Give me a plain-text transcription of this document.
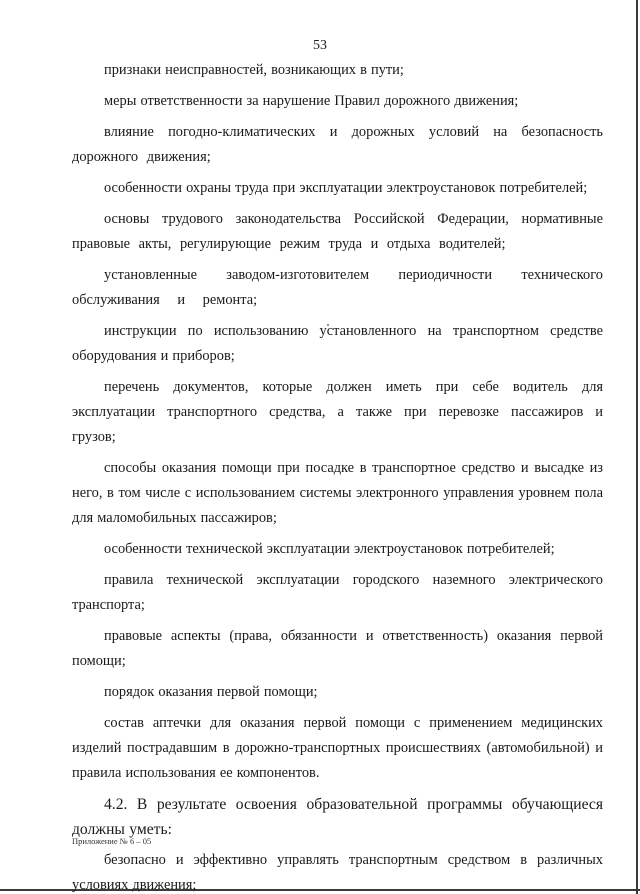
53

признаки неисправностей, возникающих в пути;

меры ответственности за нарушение Правил дорожного движения;

влияние погодно-климатических и дорожных условий на безопасность дорожного движения;

особенности охраны труда при эксплуатации электроустановок потребителей;

основы трудового законодательства Российской Федерации, нормативные правовые акты, регулирующие режим труда и отдыха водителей;

установленные заводом-изготовителем периодичности технического обслуживания и ремонта;

инструкции по использованию установленного на транспортном средстве оборудования и приборов;

перечень документов, которые должен иметь при себе водитель для эксплуатации транспортного средства, а также при перевозке пассажиров и грузов;

способы оказания помощи при посадке в транспортное средство и высадке из него, в том числе с использованием системы электронного управления уровнем пола для маломобильных пассажиров;

особенности технической эксплуатации электроустановок потребителей;

правила технической эксплуатации городского наземного электрического транспорта;

правовые аспекты (права, обязанности и ответственность) оказания первой помощи;

порядок оказания первой помощи;

состав аптечки для оказания первой помощи с применением медицинских изделий пострадавшим в дорожно-транспортных происшествиях (автомобильной) и правила использования ее компонентов.

4.2. В результате освоения образовательной программы обучающиеся должны уметь:

безопасно и эффективно управлять транспортным средством в различных условиях движения;

Приложение № 6 – 05
